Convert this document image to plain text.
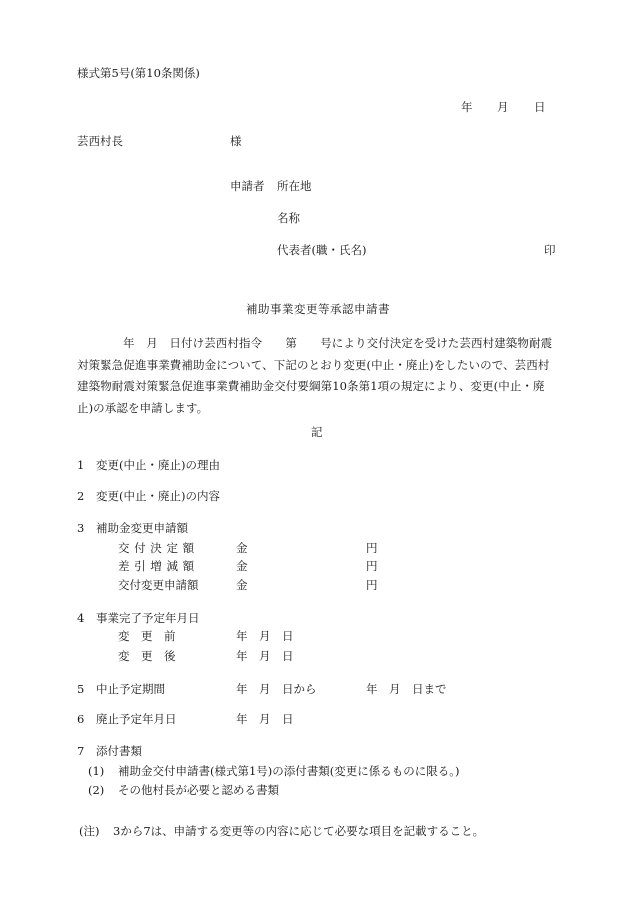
様式第5号(第10条関係)
年 月 日
芸西村長	様
申請者 所在地
名称
代表者(職・氏名)	印
補助事業変更等承認申請書
年　月　日付け芸西村指令　　第　　号により交付決定を受けた芸西村建築物耐震対策緊急促進事業費補助金について、下記のとおり変更(中止・廃止)をしたいので、芸西村建築物耐震対策緊急促進事業費補助金交付要綱第10条第1項の規定により、変更(中止・廃止)の承認を申請します。
記
1 変更(中止・廃止)の理由
2 変更(中止・廃止)の内容
3 補助金変更申請額
交 付 決 定 額	金	円
差 引 増 減 額	金	円
交付変更申請額	金	円
4 事業完了予定年月日
変　更　前	年　月　日
変　更　後	年　月　日
5 中止予定期間	年　月　日から	年　月　日まで
6 廃止予定年月日	年　月　日
7 添付書類
(1) 補助金交付申請書(様式第1号)の添付書類(変更に係るものに限る。)
(2) その他村長が必要と認める書類
(注) 3から7は、申請する変更等の内容に応じて必要な項目を記載すること。
